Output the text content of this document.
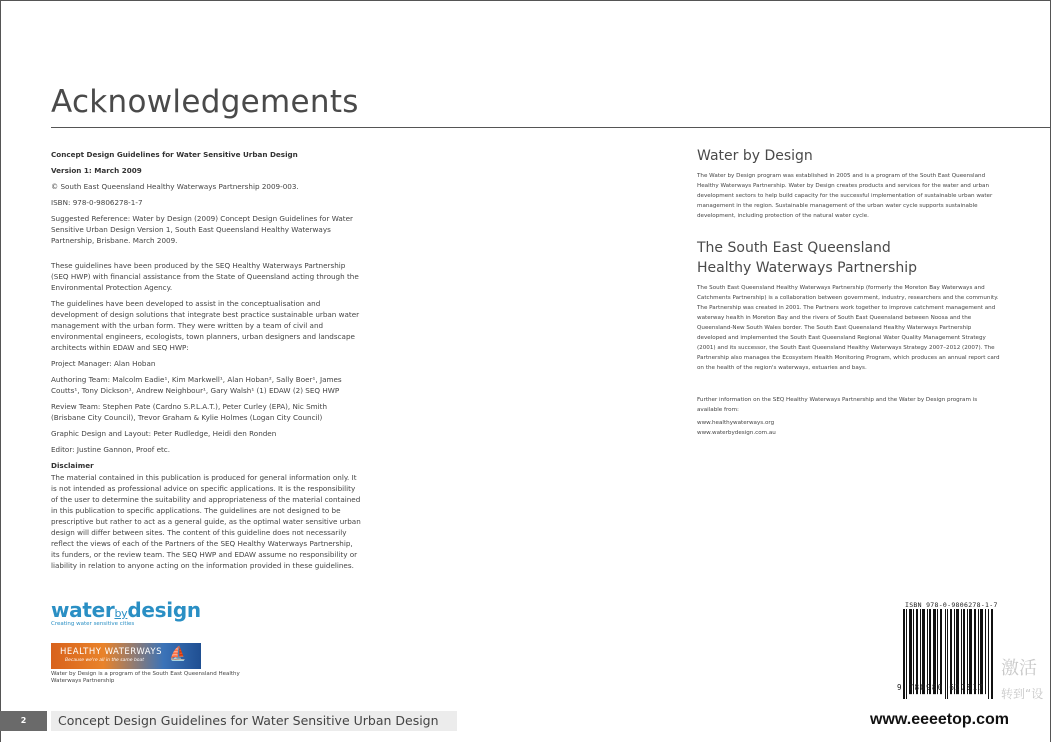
Acknowledgements

Concept Design Guidelines for Water Sensitive Urban Design

Version 1: March 2009

© South East Queensland Healthy Waterways Partnership 2009-003.

ISBN: 978-0-9806278-1-7

Suggested Reference: Water by Design (2009) Concept Design Guidelines for Water Sensitive Urban Design Version 1, South East Queensland Healthy Waterways Partnership, Brisbane. March 2009.

These guidelines have been produced by the SEQ Healthy Waterways Partnership (SEQ HWP) with financial assistance from the State of Queensland acting through the Environmental Protection Agency.

The guidelines have been developed to assist in the conceptualisation and development of design solutions that integrate best practice sustainable urban water management with the urban form. They were written by a team of civil and environmental engineers, ecologists, town planners, urban designers and landscape architects within EDAW and SEQ HWP:

Project Manager: Alan Hoban

Authoring Team: Malcolm Eadie¹, Kim Markwell¹, Alan Hoban², Sally Boer¹, James Coutts¹, Tony Dickson¹, Andrew Neighbour¹, Gary Walsh¹ (1) EDAW (2) SEQ HWP

Review Team: Stephen Pate (Cardno S.P.L.A.T.), Peter Curley (EPA), Nic Smith (Brisbane City Council), Trevor Graham & Kylie Holmes (Logan City Council)

Graphic Design and Layout: Peter Rudledge, Heidi den Ronden

Editor: Justine Gannon, Proof etc.

Disclaimer

The material contained in this publication is produced for general information only. It is not intended as professional advice on specific applications. It is the responsibility of the user to determine the suitability and appropriateness of the material contained in this publication to specific applications. The guidelines are not designed to be prescriptive but rather to act as a general guide, as the optimal water sensitive urban design will differ between sites. The content of this guideline does not necessarily reflect the views of each of the Partners of the SEQ Healthy Waterways Partnership, its funders, or the review team. The SEQ HWP and EDAW assume no responsibility or liability in relation to anyone acting on the information provided in these guidelines.

Water by Design
The Water by Design program was established in 2005 and is a program of the South East Queensland Healthy Waterways Partnership. Water by Design creates products and services for the water and urban development sectors to help build capacity for the successful implementation of sustainable urban water management in the region. Sustainable management of the urban water cycle supports sustainable development, including protection of the natural water cycle.
The South East Queensland
Healthy Waterways Partnership
The South East Queensland Healthy Waterways Partnership (formerly the Moreton Bay Waterways and Catchments Partnership) is a collaboration between government, industry, researchers and the community. The Partnership was created in 2001. The Partners work together to improve catchment management and waterway health in Moreton Bay and the rivers of South East Queensland between Noosa and the Queensland-New South Wales border. The South East Queensland Healthy Waterways Partnership developed and implemented the South East Queensland Regional Water Quality Management Strategy (2001) and its successor, the South East Queensland Healthy Waterways Strategy 2007–2012 (2007). The Partnership also manages the Ecosystem Health Monitoring Program, which produces an annual report card on the health of the region's waterways, estuaries and bays.
Further information on the SEQ Healthy Waterways Partnership and the Water by Design program is available from:
www.healthywaterways.org
www.waterbydesign.com.au
waterbydesign
Creating water sensitive cities
HEALTHY WATERWAYS
Because we're all in the same boat ⛵
Water by Design is a program of the South East Queensland Healthy Waterways Partnership
ISBN 978-0-9806278-1-7
9 780980 627817
激活
转到“设
2	Concept Design Guidelines for Water Sensitive Urban Design	www.eeeetop.com
